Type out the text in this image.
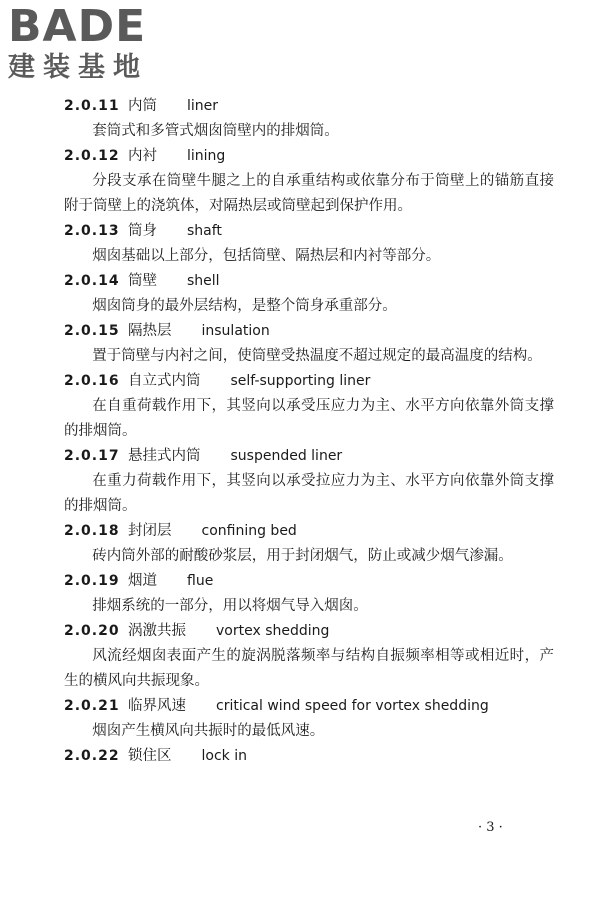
BADE
建装基地
2.0.11 内筒 liner

套筒式和多管式烟囱筒壁内的排烟筒。

2.0.12 内衬 lining

分段支承在筒壁牛腿之上的自承重结构或依靠分布于筒壁上的锚筋直接附于筒壁上的浇筑体，对隔热层或筒壁起到保护作用。

2.0.13 筒身 shaft

烟囱基础以上部分，包括筒壁、隔热层和内衬等部分。

2.0.14 筒壁 shell

烟囱筒身的最外层结构，是整个筒身承重部分。

2.0.15 隔热层 insulation

置于筒壁与内衬之间，使筒壁受热温度不超过规定的最高温度的结构。

2.0.16 自立式内筒 self-supporting liner

在自重荷载作用下，其竖向以承受压应力为主、水平方向依靠外筒支撑的排烟筒。

2.0.17 悬挂式内筒 suspended liner

在重力荷载作用下，其竖向以承受拉应力为主、水平方向依靠外筒支撑的排烟筒。

2.0.18 封闭层 confining bed

砖内筒外部的耐酸砂浆层，用于封闭烟气，防止或减少烟气渗漏。

2.0.19 烟道 flue

排烟系统的一部分，用以将烟气导入烟囱。

2.0.20 涡激共振 vortex shedding

风流经烟囱表面产生的旋涡脱落频率与结构自振频率相等或相近时，产生的横风向共振现象。

2.0.21 临界风速 critical wind speed for vortex shedding

烟囱产生横风向共振时的最低风速。

2.0.22 锁住区 lock in
· 3 ·
